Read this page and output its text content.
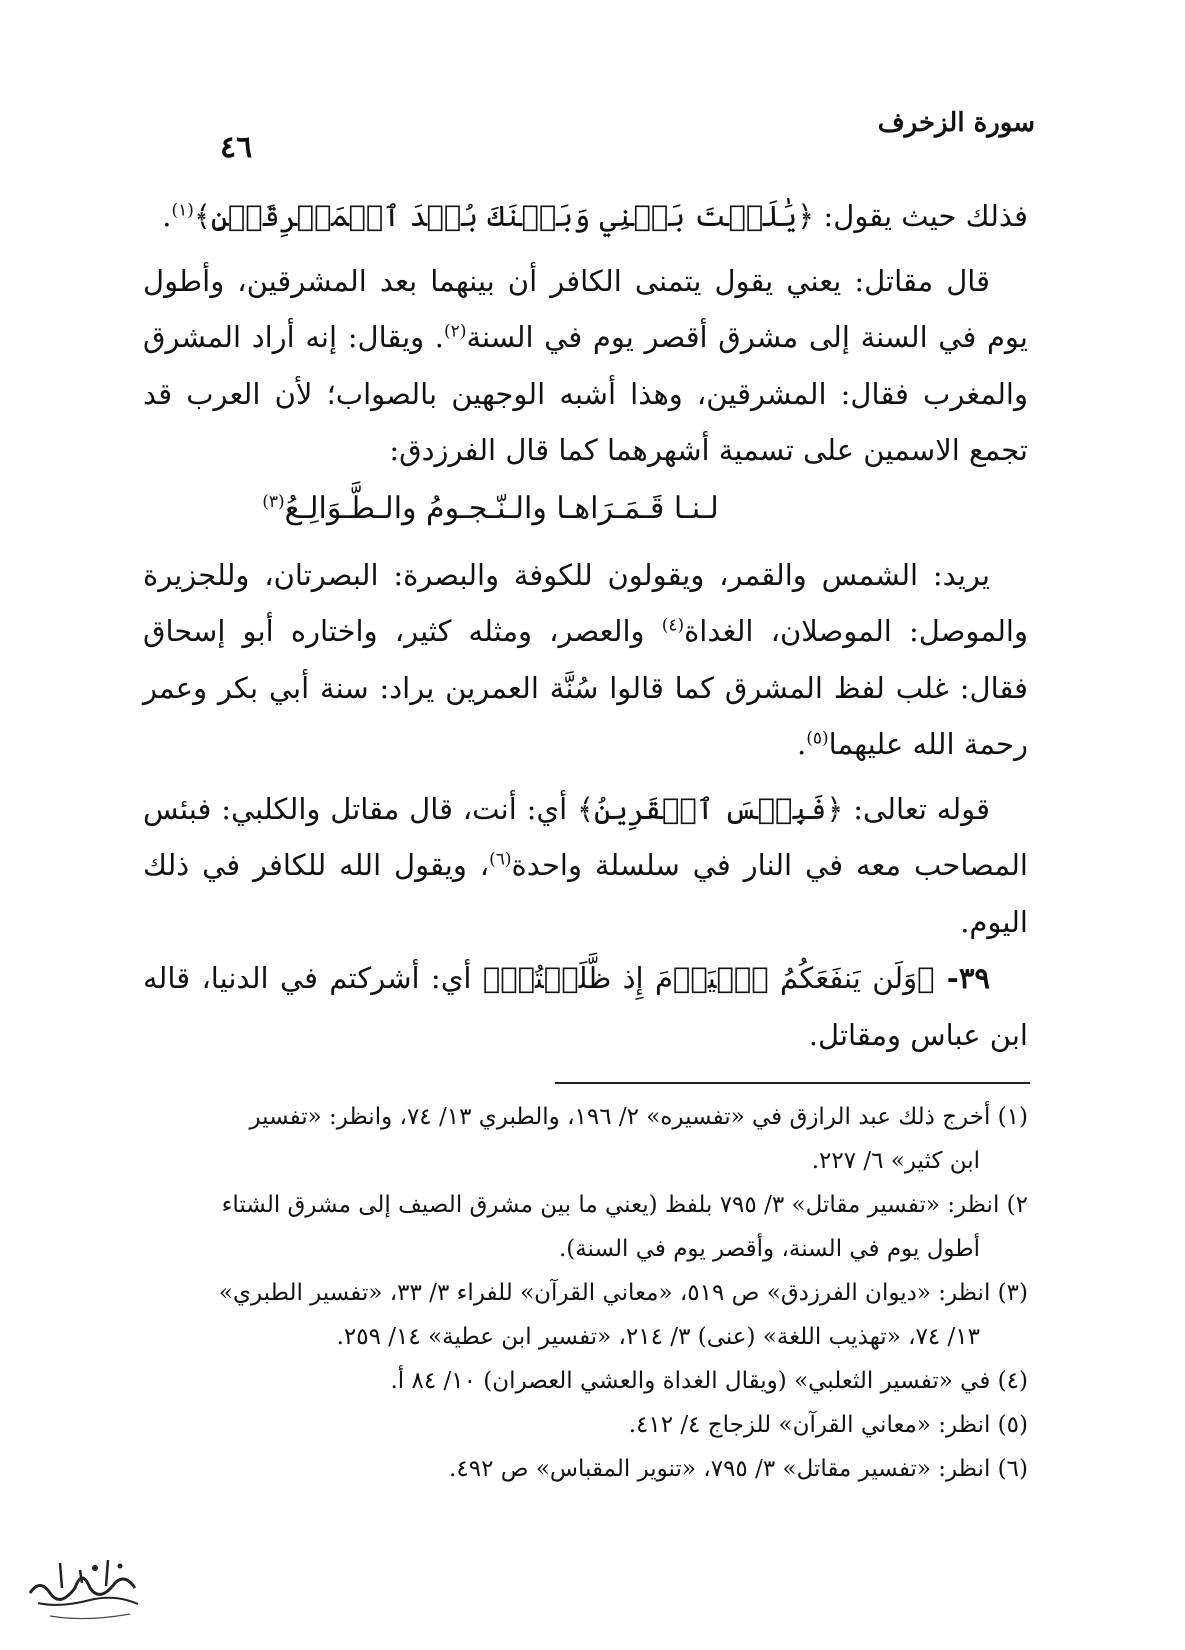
سورة الزخرف
٤٦

فذلك حيث يقول: ﴿يَٰلَيۡتَ بَيۡنِي وَبَيۡنَكَ بُعۡدَ ٱلۡمَشۡرِقَيۡنِ﴾$^{(١)}$.

قال مقاتل: يعني يقول يتمنى الكافر أن بينهما بعد المشرقين، وأطول يوم في السنة إلى مشرق أقصر يوم في السنة$^{(٢)}$. ويقال: إنه أراد المشرق والمغرب فقال: المشرقين، وهذا أشبه الوجهين بالصواب؛ لأن العرب قد تجمع الاسمين على تسمية أشهرهما كما قال الفرزدق:

لـنـا قَـمَـرَاهـا والـنّـجـومُ والـطَّـوَالِـعُ$^{(٣)}$

يريد: الشمس والقمر، ويقولون للكوفة والبصرة: البصرتان، وللجزيرة والموصل: الموصلان، الغداة$^{(٤)}$ والعصر، ومثله كثير، واختاره أبو إسحاق فقال: غلب لفظ المشرق كما قالوا سُنَّة العمرين يراد: سنة أبي بكر وعمر رحمة الله عليهما$^{(٥)}$.

قوله تعالى: ﴿فَبِئۡسَ ٱلۡقَرِينُ﴾ أي: أنت، قال مقاتل والكلبي: فبئس المصاحب معه في النار في سلسلة واحدة$^{(٦)}$، ويقول الله للكافر في ذلك اليوم.

٣٩- ﴿وَلَن يَنفَعَكُمُ ٱلۡيَوۡمَ إِذ ظَّلَمۡتُمۡ﴾ أي: أشركتم في الدنيا، قاله ابن عباس ومقاتل.

(١) أخرج ذلك عبد الرازق في «تفسيره» ٢/ ١٩٦، والطبري ١٣/ ٧٤، وانظر: «تفسير
ابن كثير» ٦/ ٢٢٧.

٢) انظر: «تفسير مقاتل» ٣/ ٧٩٥ بلفظ (يعني ما بين مشرق الصيف إلى مشرق الشتاء
أطول يوم في السنة، وأقصر يوم في السنة).

(٣) انظر: «ديوان الفرزدق» ص ٥١٩، «معاني القرآن» للفراء ٣/ ٣٣، «تفسير الطبري»
١٣/ ٧٤، «تهذيب اللغة» (عنى) ٣/ ٢١٤، «تفسير ابن عطية» ١٤/ ٢٥٩.

(٤) في «تفسير الثعلبي» (ويقال الغداة والعشي العصران) ١٠/ ٨٤ أ.

(٥) انظر: «معاني القرآن» للزجاج ٤/ ٤١٢.

(٦) انظر: «تفسير مقاتل» ٣/ ٧٩٥، «تنوير المقباس» ص ٤٩٢.
